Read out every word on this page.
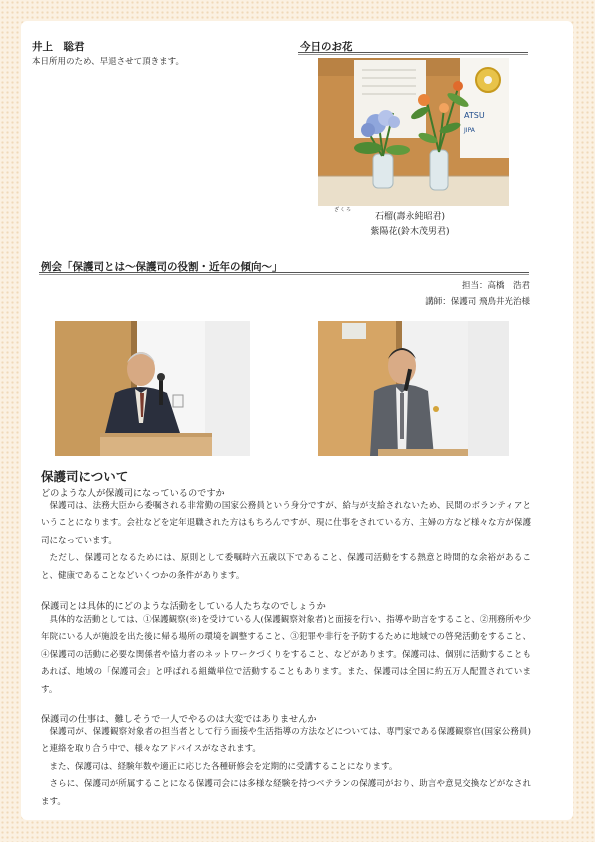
井上　聡君
本日所用のため、早退させて頂きます。
今日のお花
ATSU
JIPA
ざくろ
石榴(壽永純昭君)
紫陽花(鈴木茂男君)
例会「保護司とは〜保護司の役割・近年の傾向〜」
担当：高橋　浩君
講師：保護司 飛鳥井光治様
保護司について
どのような人が保護司になっているのですか
保護司は、法務大臣から委嘱される非常勤の国家公務員という身分ですが、給与が支給されないため、民間のボランティアということになります。会社などを定年退職された方はもちろんですが、現に仕事をされている方、主婦の方など様々な方が保護司になっています。
ただし、保護司となるためには、原則として委嘱時六五歳以下であること、保護司活動をする熱意と時間的な余裕があること、健康であることなどいくつかの条件があります。
保護司とは具体的にどのような活動をしている人たちなのでしょうか
具体的な活動としては、①保護観察(※)を受けている人(保護観察対象者)と面接を行い、指導や助言をすること、②刑務所や少年院にいる人が施設を出た後に帰る場所の環境を調整すること、③犯罪や非行を予防するために地域での啓発活動をすること、④保護司の活動に必要な関係者や協力者のネットワークづくりをすること、などがあります。保護司は、個別に活動することもあれば、地域の「保護司会」と呼ばれる組織単位で活動することもあります。また、保護司は全国に約五万人配置されています。
保護司の仕事は、難しそうで一人でやるのは大変ではありませんか
保護司が、保護観察対象者の担当者として行う面接や生活指導の方法などについては、専門家である保護観察官(国家公務員)と連絡を取り合う中で、様々なアドバイスがなされます。
また、保護司は、経験年数や適正に応じた各種研修会を定期的に受講することになります。
さらに、保護司が所属することになる保護司会には多様な経験を持つベテランの保護司がおり、助言や意見交換などがなされます。
